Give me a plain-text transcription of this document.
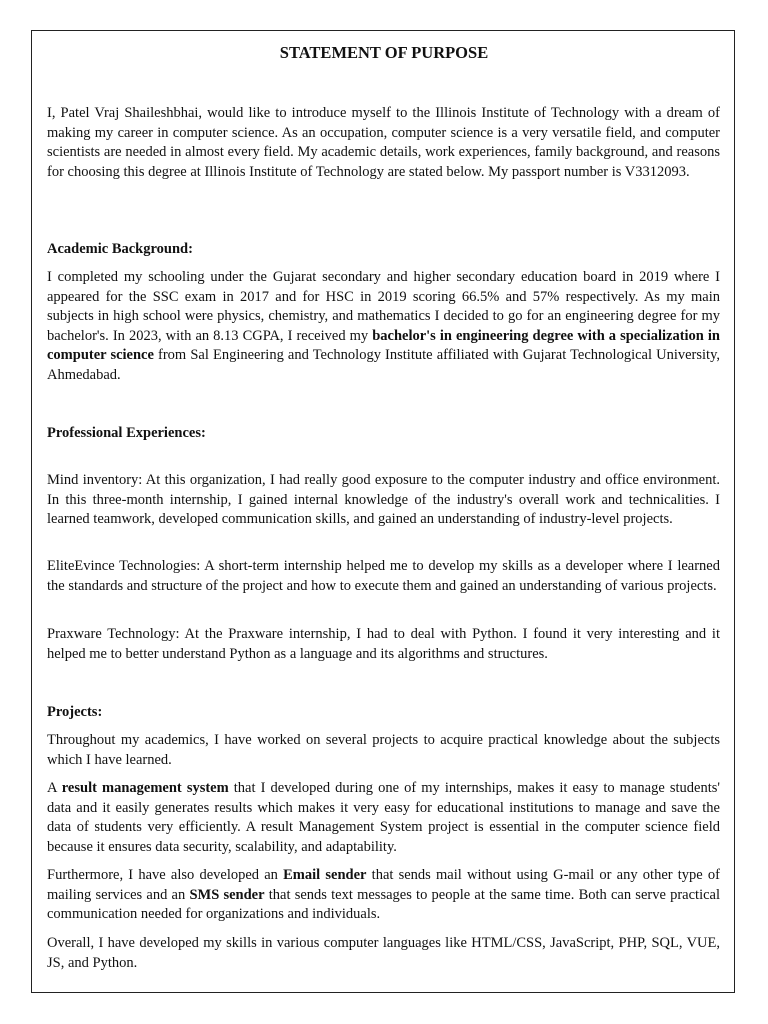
STATEMENT OF PURPOSE

I, Patel Vraj Shaileshbhai, would like to introduce myself to the Illinois Institute of Technology with a dream of making my career in computer science. As an occupation, computer science is a very versatile field, and computer scientists are needed in almost every field. My academic details, work experiences, family background, and reasons for choosing this degree at Illinois Institute of Technology are stated below. My passport number is V3312093.

Academic Background:

I completed my schooling under the Gujarat secondary and higher secondary education board in 2019 where I appeared for the SSC exam in 2017 and for HSC in 2019 scoring 66.5% and 57% respectively. As my main subjects in high school were physics, chemistry, and mathematics I decided to go for an engineering degree for my bachelor's. In 2023, with an 8.13 CGPA, I received my bachelor's in engineering degree with a specialization in computer science from Sal Engineering and Technology Institute affiliated with Gujarat Technological University, Ahmedabad.

Professional Experiences:

Mind inventory: At this organization, I had really good exposure to the computer industry and office environment. In this three-month internship, I gained internal knowledge of the industry's overall work and technicalities. I learned teamwork, developed communication skills, and gained an understanding of industry-level projects.

EliteEvince Technologies: A short-term internship helped me to develop my skills as a developer where I learned the standards and structure of the project and how to execute them and gained an understanding of various projects.

Praxware Technology: At the Praxware internship, I had to deal with Python. I found it very interesting and it helped me to better understand Python as a language and its algorithms and structures.

Projects:

Throughout my academics, I have worked on several projects to acquire practical knowledge about the subjects which I have learned.

A result management system that I developed during one of my internships, makes it easy to manage students' data and it easily generates results which makes it very easy for educational institutions to manage and save the data of students very efficiently. A result Management System project is essential in the computer science field because it ensures data security, scalability, and adaptability.

Furthermore, I have also developed an Email sender that sends mail without using G-mail or any other type of mailing services and an SMS sender that sends text messages to people at the same time. Both can serve practical communication needed for organizations and individuals.

Overall, I have developed my skills in various computer languages like HTML/CSS, JavaScript, PHP, SQL, VUE, JS, and Python.
